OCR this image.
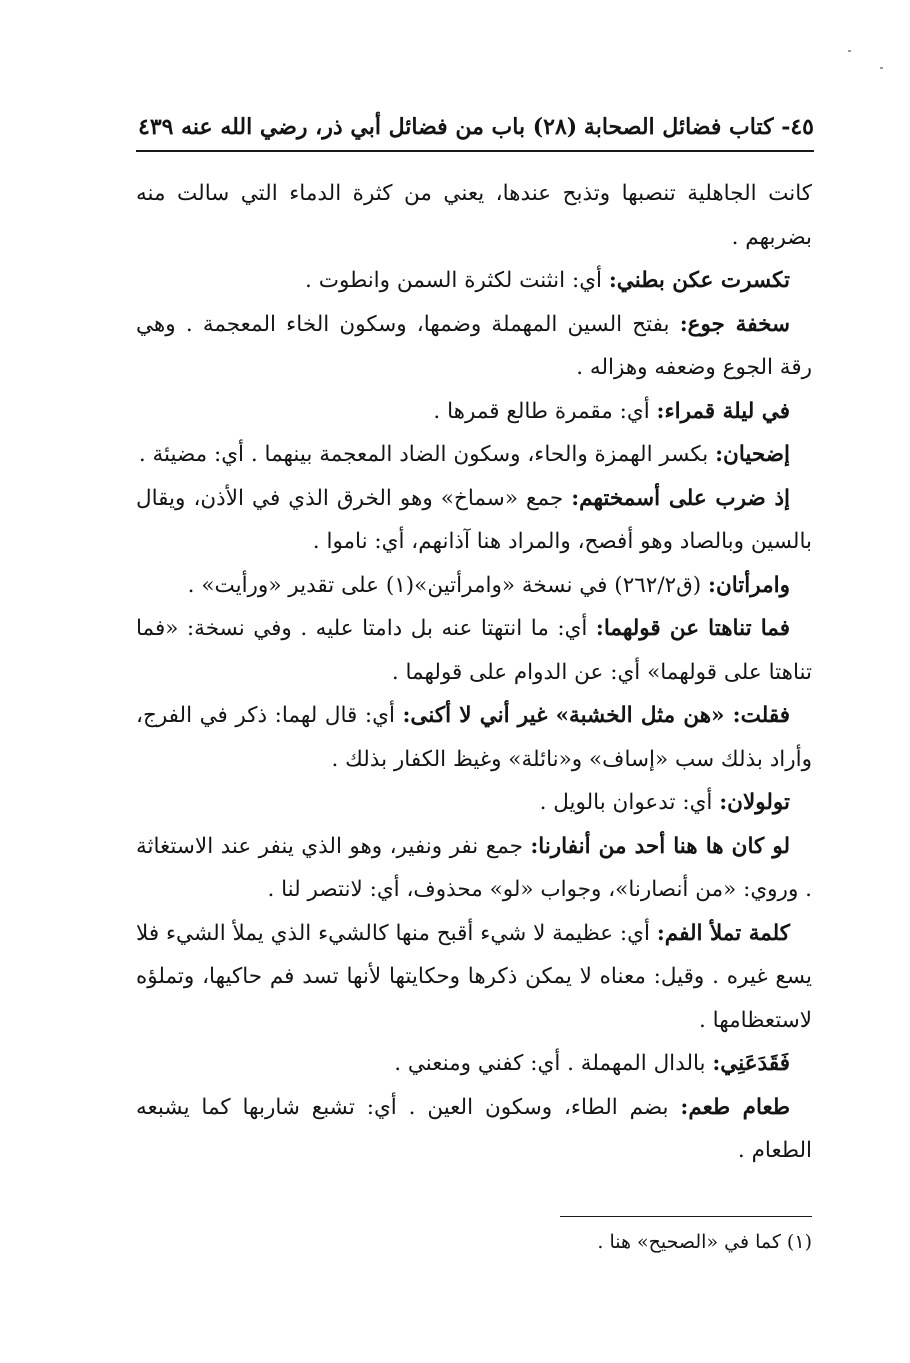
٤٥- كتاب فضائل الصحابة
(٢٨) باب من فضائل أبي ذر، رضي الله عنه ٤٣٩

كانت الجاهلية تنصبها وتذبح عندها، يعني من كثرة الدماء التي سالت منه بضربهم .

تكسرت عكن بطني: أي: انثنت لكثرة السمن وانطوت .

سخفة جوع: بفتح السين المهملة وضمها، وسكون الخاء المعجمة . وهي رقة الجوع وضعفه وهزاله .

في ليلة قمراء: أي: مقمرة طالع قمرها .

إضحيان: بكسر الهمزة والحاء، وسكون الضاد المعجمة بينهما . أي: مضيئة .

إذ ضرب على أسمختهم: جمع «سماخ» وهو الخرق الذي في الأذن، ويقال بالسين وبالصاد وهو أفصح، والمراد هنا آذانهم، أي: ناموا .

وامرأتان: (ق٢٦٢/٢) في نسخة «وامرأتين»(١) على تقدير «ورأيت» .

فما تناهتا عن قولهما: أي: ما انتهتا عنه بل دامتا عليه . وفي نسخة: «فما تناهتا على قولهما» أي: عن الدوام على قولهما .

فقلت: «هن مثل الخشبة» غير أني لا أكنى: أي: قال لهما: ذكر في الفرج، وأراد بذلك سب «إساف» و«نائلة» وغيظ الكفار بذلك .

تولولان: أي: تدعوان بالويل .

لو كان ها هنا أحد من أنفارنا: جمع نفر ونفير، وهو الذي ينفر عند الاستغاثة . وروي: «من أنصارنا»، وجواب «لو» محذوف، أي: لانتصر لنا .

كلمة تملأ الفم: أي: عظيمة لا شيء أقبح منها كالشيء الذي يملأ الشيء فلا يسع غيره . وقيل: معناه لا يمكن ذكرها وحكايتها لأنها تسد فم حاكيها، وتملؤه لاستعظامها .

فَقَدَعَنِي: بالدال المهملة . أي: كفني ومنعني .

طعام طعم: بضم الطاء، وسكون العين . أي: تشبع شاربها كما يشبعه الطعام .

(١) كما في «الصحيح» هنا .
